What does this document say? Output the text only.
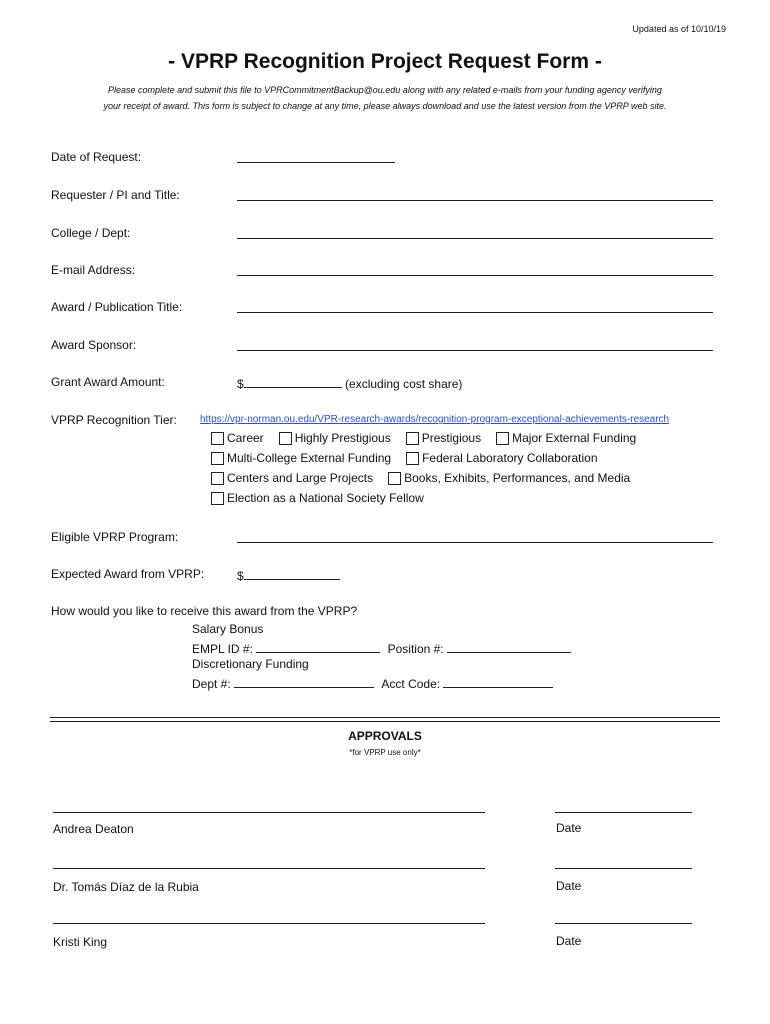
Updated as of 10/10/19
- VPRP Recognition Project Request Form -
Please complete and submit this file to VPRCommitmentBackup@ou.edu along with any related e-mails from your funding agency verifying
your receipt of award. This form is subject to change at any time, please always download and use the latest version from the VPRP web site.
Date of Request:
Requester / PI and Title:
College / Dept:
E-mail Address:
Award / Publication Title:
Award Sponsor:
Grant Award Amount:	$	(excluding cost share)
VPRP Recognition Tier: https://vpr-norman.ou.edu/VPR-research-awards/recognition-program-exceptional-achievements-research
Career	Highly Prestigious	Prestigious	Major External Funding
Multi-College External Funding	Federal Laboratory Collaboration
Centers and Large Projects	Books, Exhibits, Performances, and Media
Election as a National Society Fellow
Eligible VPRP Program:
Expected Award from VPRP:	$
How would you like to receive this award from the VPRP?
Salary Bonus
EMPL ID #:	Position #:
Discretionary Funding
Dept #:	Acct Code:
APPROVALS
*for VPRP use only*
Andrea Deaton	Date
Dr. Tomás Díaz de la Rubia	Date
Kristi King	Date
